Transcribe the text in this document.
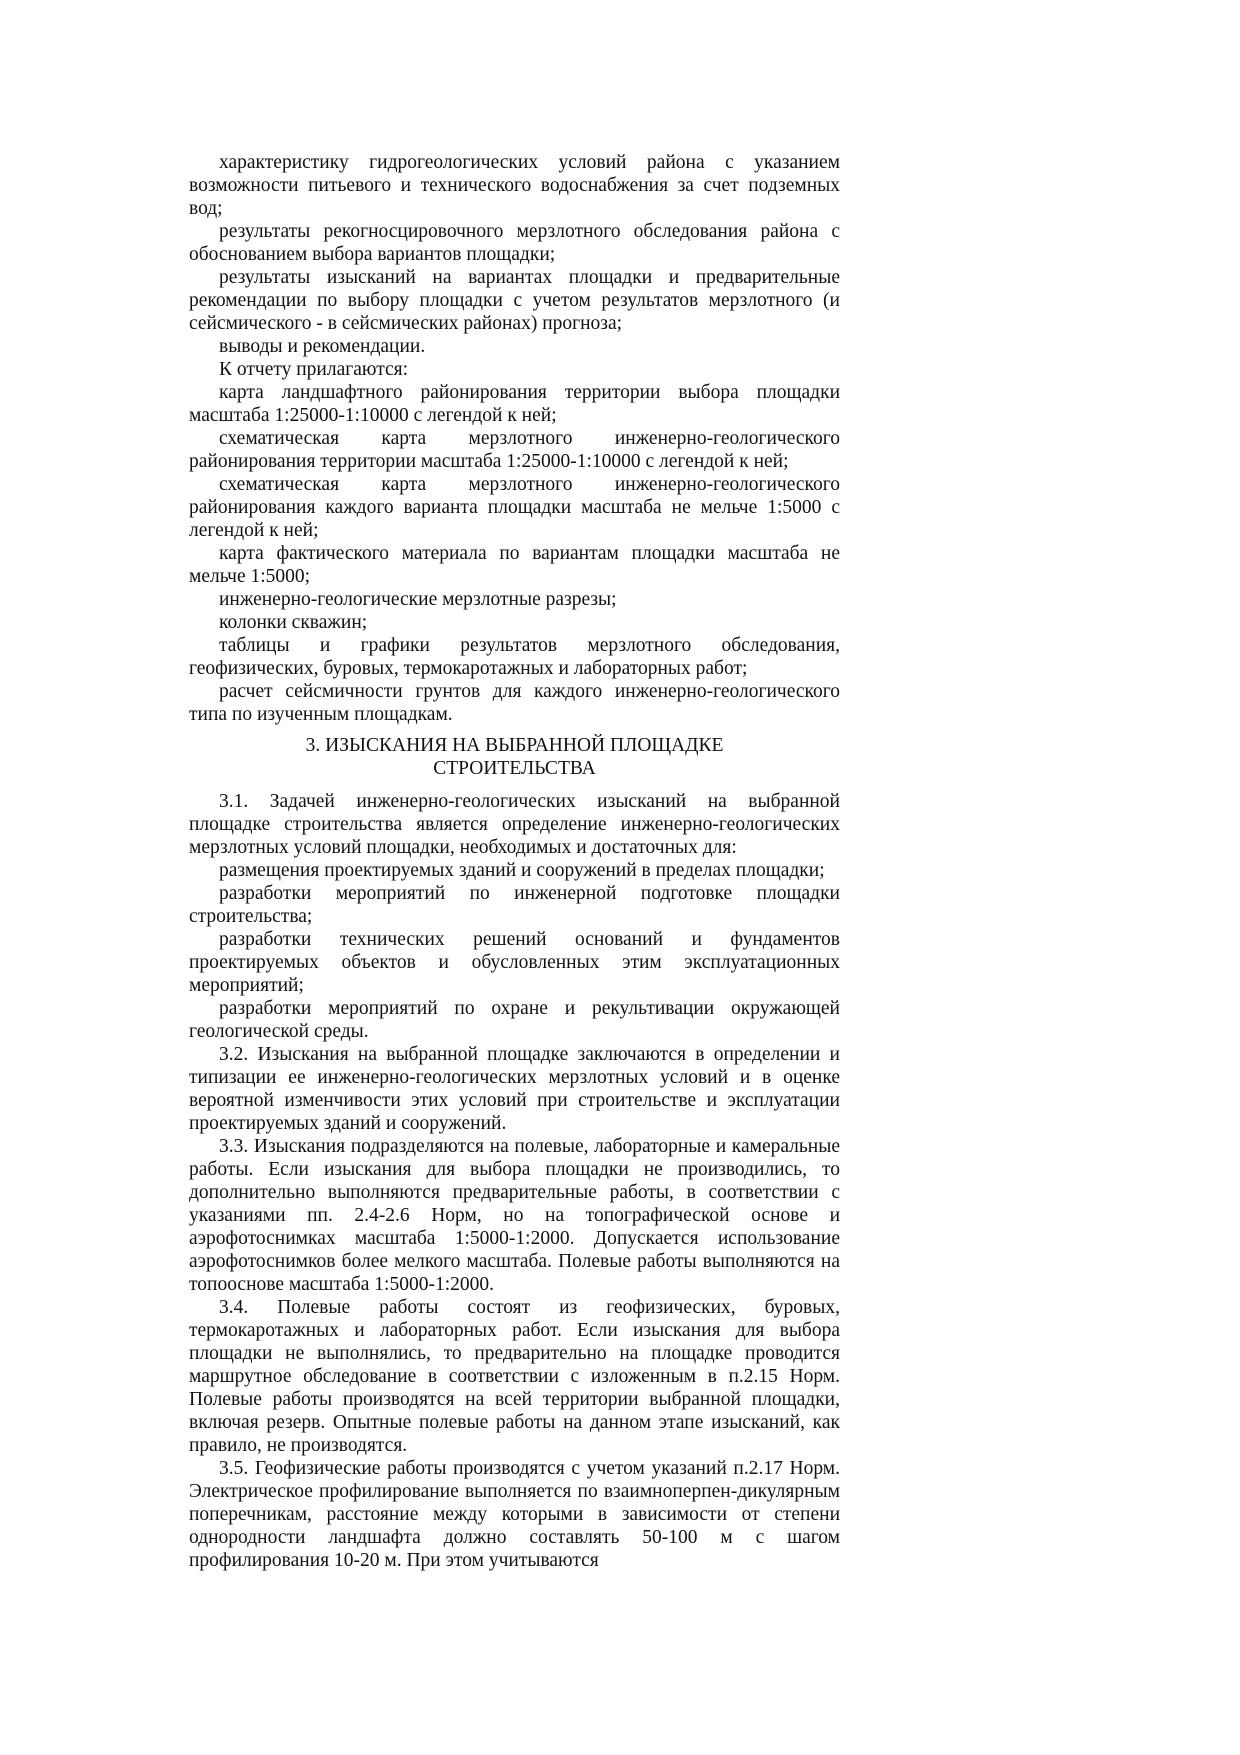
характеристику гидрогеологических условий района с указанием возможности питьевого и технического водоснабжения за счет подземных вод;

результаты рекогносцировочного мерзлотного обследования района с обоснованием выбора вариантов площадки;

результаты изысканий на вариантах площадки и предварительные рекомендации по выбору площадки с учетом результатов мерзлотного (и сейсмического - в сейсмических районах) прогноза;

выводы и рекомендации.

К отчету прилагаются:

карта ландшафтного районирования территории выбора площадки масштаба 1:25000-1:10000 с легендой к ней;

схематическая карта мерзлотного инженерно-геологического районирования территории масштаба 1:25000-1:10000 с легендой к ней;

схематическая карта мерзлотного инженерно-геологического районирования каждого варианта площадки масштаба не мельче 1:5000 с легендой к ней;

карта фактического материала по вариантам площадки масштаба не мельче 1:5000;

инженерно-геологические мерзлотные разрезы;

колонки скважин;

таблицы и графики результатов мерзлотного обследования, геофизических, буровых, термокаротажных и лабораторных работ;

расчет сейсмичности грунтов для каждого инженерно-геологического типа по изученным площадкам.

3. ИЗЫСКАНИЯ НА ВЫБРАННОЙ ПЛОЩАДКЕ
СТРОИТЕЛЬСТВА

3.1. Задачей инженерно-геологических изысканий на выбранной площадке строительства является определение инженерно-геологических мерзлотных условий площадки, необходимых и достаточных для:

размещения проектируемых зданий и сооружений в пределах площадки;

разработки мероприятий по инженерной подготовке площадки строительства;

разработки технических решений оснований и фундаментов проектируемых объектов и обусловленных этим эксплуатационных мероприятий;

разработки мероприятий по охране и рекультивации окружающей геологической среды.

3.2. Изыскания на выбранной площадке заключаются в определении и типизации ее инженерно-геологических мерзлотных условий и в оценке вероятной изменчивости этих условий при строительстве и эксплуатации проектируемых зданий и сооружений.

3.3. Изыскания подразделяются на полевые, лабораторные и камеральные работы. Если изыскания для выбора площадки не производились, то дополнительно выполняются предварительные работы, в соответствии с указаниями пп. 2.4-2.6 Норм, но на топографической основе и аэрофотоснимках масштаба 1:5000-1:2000. Допускается использование аэрофотоснимков более мелкого масштаба. Полевые работы выполняются на топооснове масштаба 1:5000-1:2000.

3.4. Полевые работы состоят из геофизических, буровых, термокаротажных и лабораторных работ. Если изыскания для выбора площадки не выполнялись, то предварительно на площадке проводится маршрутное обследование в соответствии с изложенным в п.2.15 Норм. Полевые работы производятся на всей территории выбранной площадки, включая резерв. Опытные полевые работы на данном этапе изысканий, как правило, не производятся.

3.5. Геофизические работы производятся с учетом указаний п.2.17 Норм. Электрическое профилирование выполняется по взаимноперпен-дикулярным поперечникам, расстояние между которыми в зависимости от степени однородности ландшафта должно составлять 50-100 м с шагом профилирования 10-20 м. При этом учитываются
